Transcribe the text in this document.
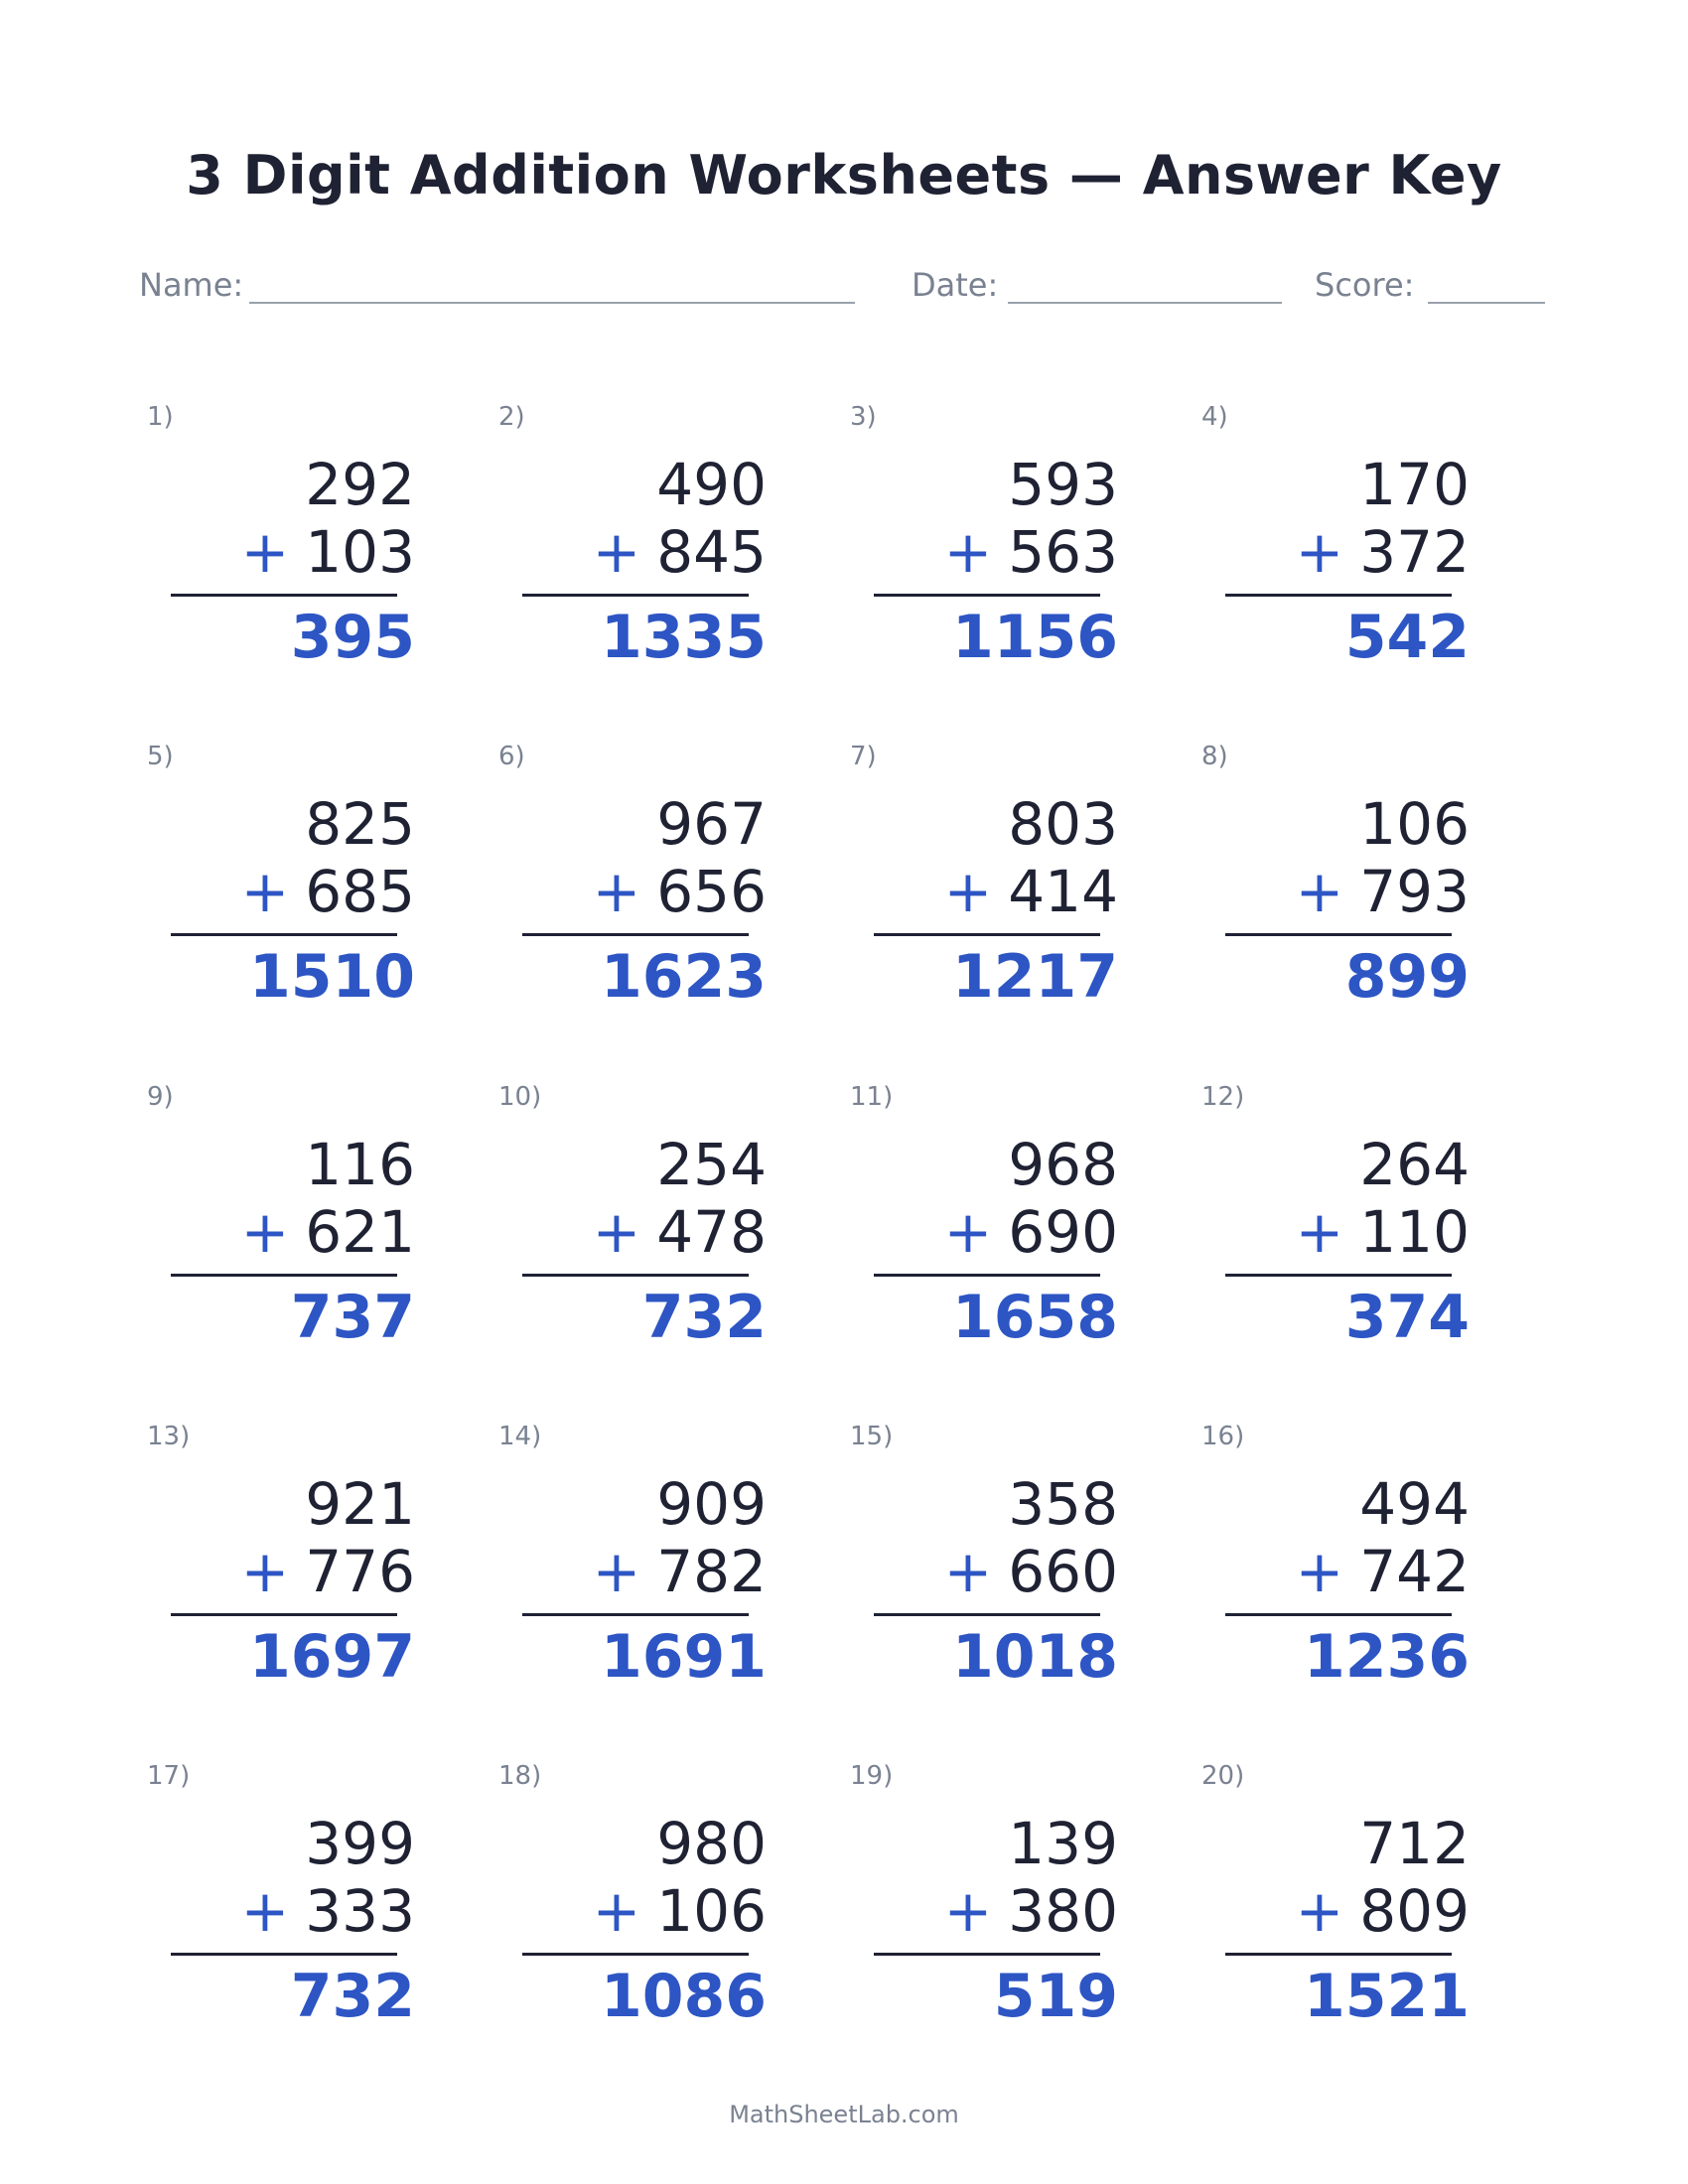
3 Digit Addition Worksheets — Answer Key
Name:	Date:	Score:
1)
292
+ 103
395
2)
490
+ 845
1335
3)
593
+ 563
1156
4)
170
+ 372
542
5)
825
+ 685
1510
6)
967
+ 656
1623
7)
803
+ 414
1217
8)
106
+ 793
899
9)
116
+ 621
737
10)
254
+ 478
732
11)
968
+ 690
1658
12)
264
+ 110
374
13)
921
+ 776
1697
14)
909
+ 782
1691
15)
358
+ 660
1018
16)
494
+ 742
1236
17)
399
+ 333
732
18)
980
+ 106
1086
19)
139
+ 380
519
20)
712
+ 809
1521
MathSheetLab.com
